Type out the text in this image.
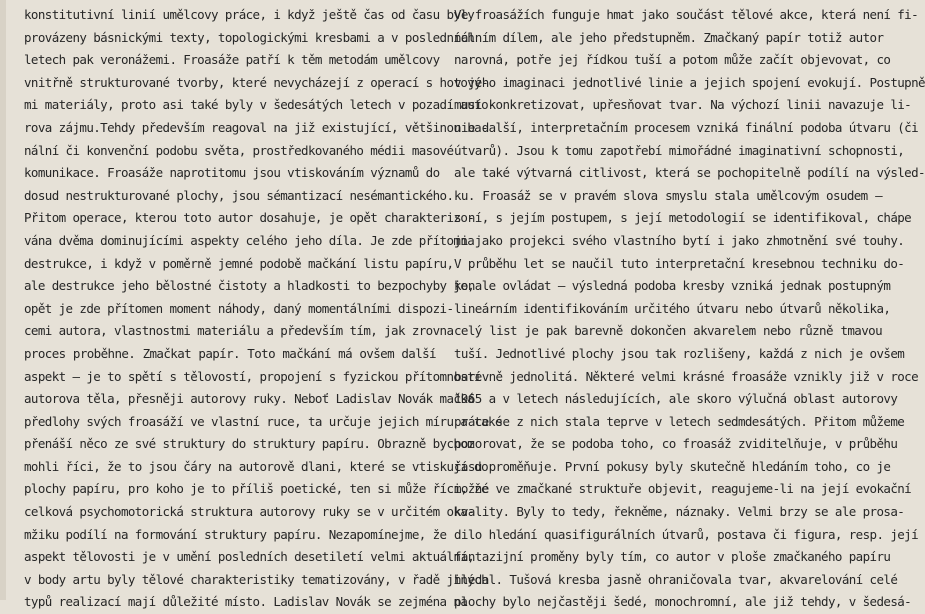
konstitutivní linií umělcovy práce, i když ještě čas od času byly
provázeny básnickými texty, topologickými kresbami a v posledních
letech pak veronážemi. Froasáže patří k těm metodám umělcovy
vnitřně strukturované tvorby, které nevycházejí z operací s hotový-
mi materiály, proto asi také byly v šedesátých letech v pozadí auto-
rova zájmu.Tehdy především reagoval na již existující, většinou ba-
nální či konvenční podobu světa, prostředkovaného médii masové
komunikace. Froasáže naprotitomu jsou vtiskováním významů do
dosud nestrukturované plochy, jsou sémantizací nesémantického.
Přitom operace, kterou toto autor dosahuje, je opět charakterizo-
vána dvěma dominujícími aspekty celého jeho díla. Je zde přítomna
destrukce, i když v poměrně jemné podobě mačkání listu papíru,
ale destrukce jeho bělostné čistoty a hladkosti to bezpochyby je,
opět je zde přítomen moment náhody, daný momentálními dispozi-
cemi autora, vlastnostmi materiálu a především tím, jak zrovna
proces proběhne. Zmačkat papír. Toto mačkání má ovšem další
aspekt – je to spětí s tělovostí, propojení s fyzickou přítomností
autorova těla, přesněji autorovy ruky. Neboť Ladislav Novák mačká
předlohy svých froasáží ve vlastní ruce, ta určuje jejich míru a také
přenáší něco ze své struktury do struktury papíru. Obrazně bychom
mohli říci, že to jsou čáry na autorově dlani, které se vtiskují do
plochy papíru, pro koho je to příliš poetické, ten si může říci, že
celková psychomotorická struktura autorovy ruky se v určitém oka-
mžiku podílí na formování struktury papíru. Nezapomínejme, že
aspekt tělovosti je v umění posledních desetiletí velmi aktuální,
v body artu byly tělové charakteristiky tematizovány, v řadě jiných
typů realizací mají důležité místo. Ladislav Novák se zejména na
Ve froasážích funguje hmat jako součást tělové akce, která není fi-
nálním dílem, ale jeho předstupněm. Zmačkaný papír totiž autor
narovná, potře jej řídkou tuší a potom může začít objevovat, co
v jeho imaginaci jednotlivé linie a jejich spojení evokují. Postupně
musí konkretizovat, upřesňovat tvar. Na výchozí linii navazuje li-
nie další, interpretačním procesem vzniká finální podoba útvaru (či
útvarů). Jsou k tomu zapotřebí mimořádné imaginativní schopnosti,
ale také výtvarná citlivost, která se pochopitelně podílí na výsled-
ku. Froasáž se v pravém slova smyslu stala umělcovým osudem –
s ní, s jejím postupem, s její metodologií se identifikoval, chápe
ji jako projekci svého vlastního bytí i jako zhmotnění své touhy.
V průběhu let se naučil tuto interpretační kresebnou techniku do-
konale ovládat – výsledná podoba kresby vzniká jednak postupným
lineárním identifikováním určitého útvaru nebo útvarů několika,
celý list je pak barevně dokončen akvarelem nebo různě tmavou
tuší. Jednotlivé plochy jsou tak rozlišeny, každá z nich je ovšem
barevně jednolitá. Některé velmi krásné froasáže vznikly již v roce
1965 a v letech následujících, ale skoro výlučná oblast autorovy
práce se z nich stala teprve v letech sedmdesátých. Přitom můžeme
pozorovat, že se podoba toho, co froasáž zviditelňuje, v průběhu
času proměňuje. První pokusy byly skutečně hledáním toho, co je
možné ve zmačkané struktuře objevit, reagujeme-li na její evokační
kvality. Byly to tedy, řekněme, náznaky. Velmi brzy se ale prosa-
dilo hledání quasifigurálních útvarů, postava či figura, resp. její
fantazijní proměny byly tím, co autor v ploše zmačkaného papíru
hledal. Tušová kresba jasně ohraničovala tvar, akvarelování celé
plochy bylo nejčastěji šedé, monochromní, ale již tehdy, v šedesá-
